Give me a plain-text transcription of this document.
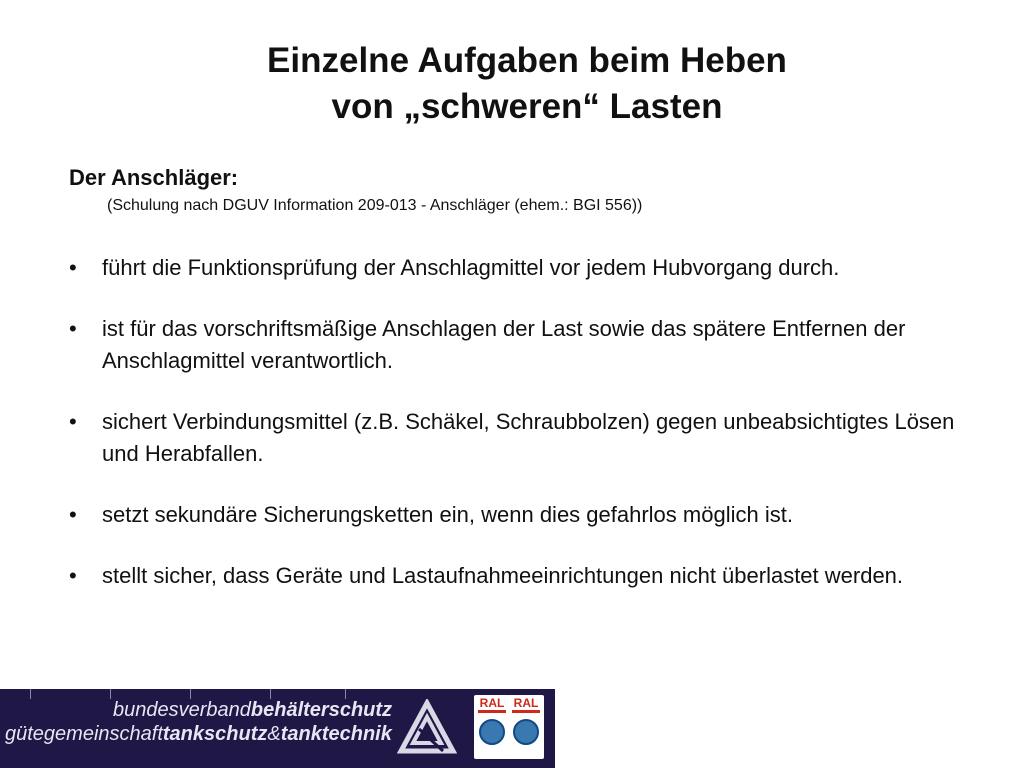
Einzelne Aufgaben beim Heben
von „schweren“ Lasten

Der Anschläger:

(Schulung nach DGUV Information 209-013 - Anschläger (ehem.: BGI 556))

•	führt die Funktionsprüfung der Anschlagmittel vor jedem Hubvorgang durch.
•	ist für das vorschriftsmäßige Anschlagen der Last sowie das spätere Entfernen der Anschlagmittel verantwortlich.
•	sichert Verbindungsmittel (z.B. Schäkel, Schraubbolzen) gegen unbeabsichtigtes Lösen und Herabfallen.
•	setzt sekundäre Sicherungsketten ein, wenn dies gefahrlos möglich ist.
•	stellt sicher, dass Geräte und Lastaufnahmeeinrichtungen nicht überlastet werden.
bundesverbandbehälterschutz
gütegemeinschafttankschutz&tanktechnik
RAL RAL
